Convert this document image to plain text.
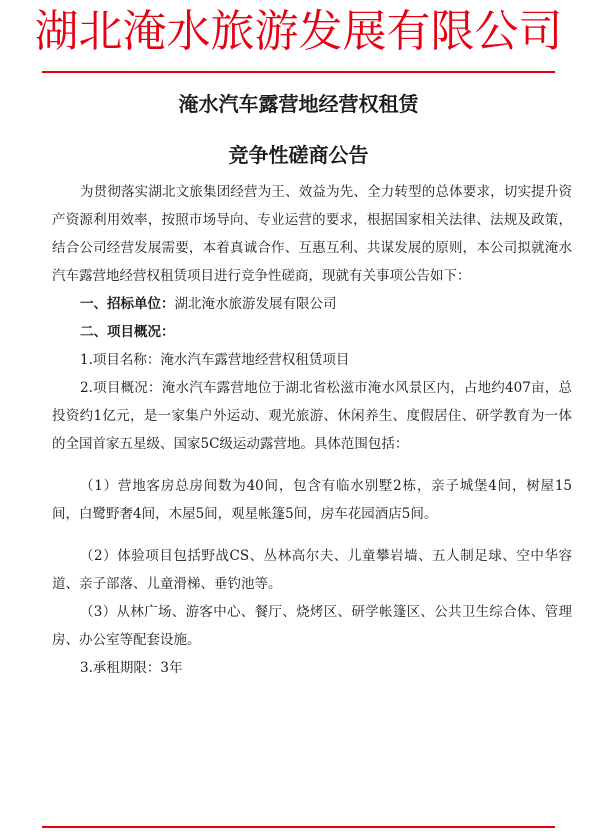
湖北淹水旅游发展有限公司
淹水汽车露营地经营权租赁
竞争性磋商公告

为贯彻落实湖北文旅集团经营为王、效益为先、全力转型的总体要求，切实提升资产资源利用效率，按照市场导向、专业运营的要求，根据国家相关法律、法规及政策，结合公司经营发展需要，本着真诚合作、互惠互利、共谋发展的原则，本公司拟就淹水汽车露营地经营权租赁项目进行竞争性磋商，现就有关事项公告如下：

一、招标单位：湖北淹水旅游发展有限公司

二、项目概况：

1.项目名称：淹水汽车露营地经营权租赁项目

2.项目概况：淹水汽车露营地位于湖北省松滋市淹水风景区内，占地约407亩，总投资约1亿元，是一家集户外运动、观光旅游、休闲养生、度假居住、研学教育为一体的全国首家五星级、国家5C级运动露营地。具体范围包括：

（1）营地客房总房间数为40间，包含有临水别墅2栋，亲子城堡4间，树屋15间，白鹭野奢4间，木屋5间，观星帐篷5间，房车花园酒店5间。

（2）体验项目包括野战CS、丛林高尔夫、儿童攀岩墙、五人制足球、空中华容道、亲子部落、儿童滑梯、垂钓池等。

（3）从林广场、游客中心、餐厅、烧烤区、研学帐篷区、公共卫生综合体、管理房、办公室等配套设施。

3.承租期限：3年
